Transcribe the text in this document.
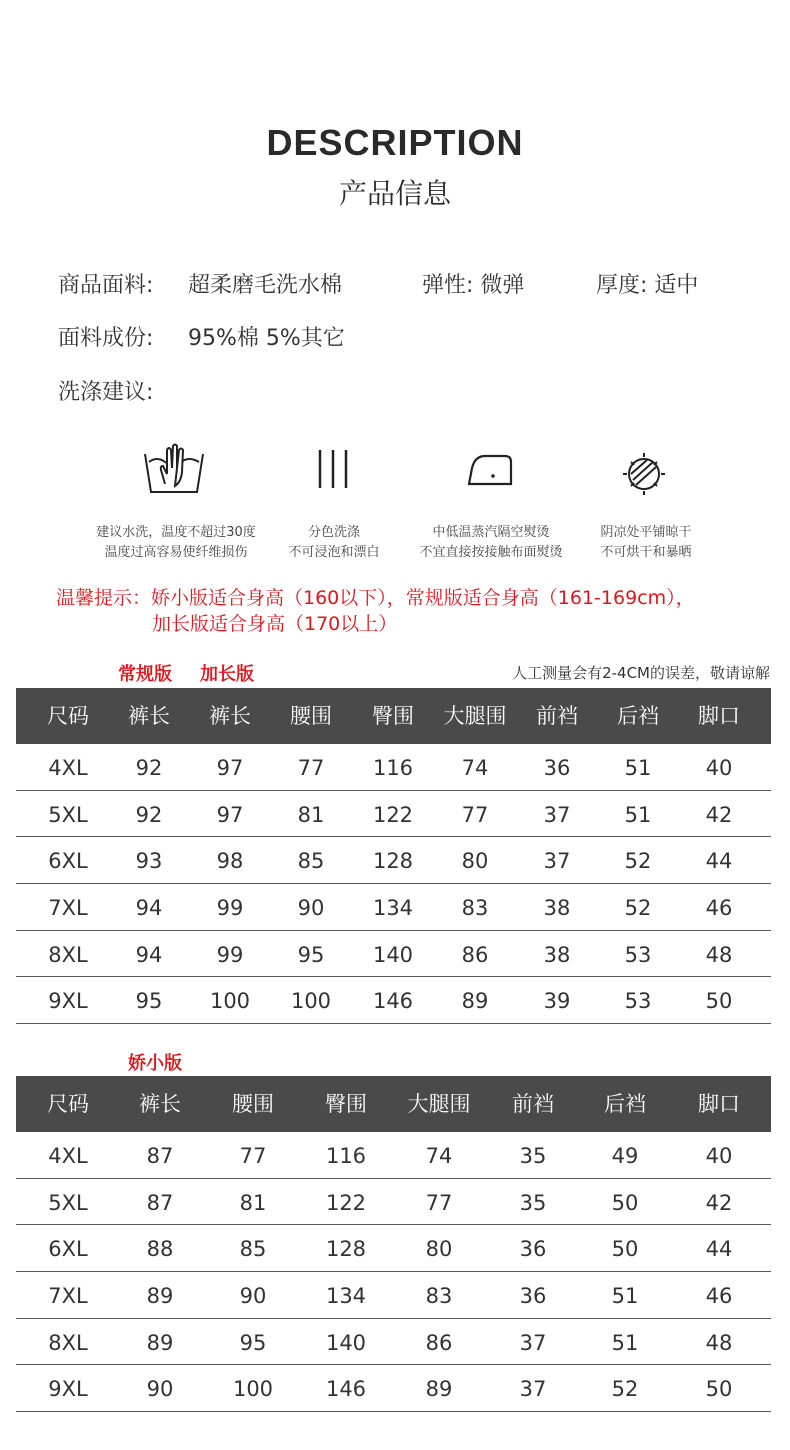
DESCRIPTION
产品信息
商品面料: 超柔磨毛洗水棉	弹性: 微弹	厚度: 适中
面料成份: 95%棉 5%其它
洗涤建议:
建议水洗，温度不超过30度
温度过高容易使纤维损伤
分色洗涤
不可浸泡和漂白
中低温蒸汽隔空熨烫
不宜直接按接触布面熨烫
阴凉处平铺晾干
不可烘干和暴晒
温馨提示：娇小版适合身高（160以下），常规版适合身高（161-169cm），
加长版适合身高（170以上）
常规版 加长版	人工测量会有2-4CM的误差，敬请谅解
尺码	裤长	裤长	腰围	臀围	大腿围	前裆	后裆	脚口
4XL	92	97	77	116	74	36	51	40
5XL	92	97	81	122	77	37	51	42
6XL	93	98	85	128	80	37	52	44
7XL	94	99	90	134	83	38	52	46
8XL	94	99	95	140	86	38	53	48
9XL	95	100	100	146	89	39	53	50
娇小版
尺码	裤长	腰围	臀围	大腿围	前裆	后裆	脚口
4XL	87	77	116	74	35	49	40
5XL	87	81	122	77	35	50	42
6XL	88	85	128	80	36	50	44
7XL	89	90	134	83	36	51	46
8XL	89	95	140	86	37	51	48
9XL	90	100	146	89	37	52	50
